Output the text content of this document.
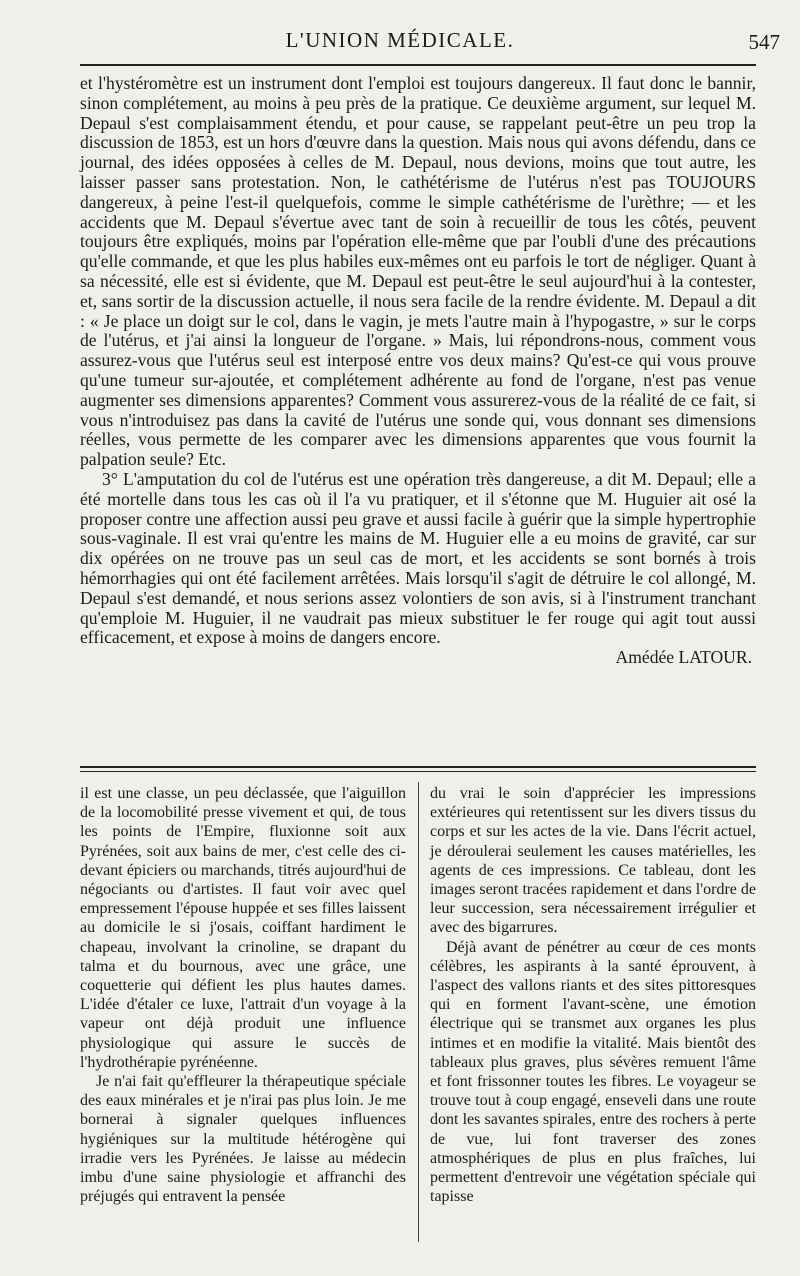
L'UNION MÉDICALE.	547

et l'hystéromètre est un instrument dont l'emploi est toujours dangereux. Il faut donc le bannir, sinon complétement, au moins à peu près de la pratique. Ce deuxième argument, sur lequel M. Depaul s'est complaisamment étendu, et pour cause, se rappelant peut-être un peu trop la discussion de 1853, est un hors d'œuvre dans la question. Mais nous qui avons défendu, dans ce journal, des idées opposées à celles de M. Depaul, nous devions, moins que tout autre, les laisser passer sans protestation. Non, le cathétérisme de l'utérus n'est pas TOUJOURS dangereux, à peine l'est-il quelquefois, comme le simple cathétérisme de l'urèthre; — et les accidents que M. Depaul s'évertue avec tant de soin à recueillir de tous les côtés, peuvent toujours être expliqués, moins par l'opération elle-même que par l'oubli d'une des précautions qu'elle commande, et que les plus habiles eux-mêmes ont eu parfois le tort de négliger. Quant à sa nécessité, elle est si évidente, que M. Depaul est peut-être le seul aujourd'hui à la contester, et, sans sortir de la discussion actuelle, il nous sera facile de la rendre évidente. M. Depaul a dit : « Je place un doigt sur le col, dans le vagin, je mets l'autre main à l'hypogastre, » sur le corps de l'utérus, et j'ai ainsi la longueur de l'organe. » Mais, lui répondrons-nous, comment vous assurez-vous que l'utérus seul est interposé entre vos deux mains? Qu'est-ce qui vous prouve qu'une tumeur sur-ajoutée, et complétement adhérente au fond de l'organe, n'est pas venue augmenter ses dimensions apparentes? Comment vous assurerez-vous de la réalité de ce fait, si vous n'introduisez pas dans la cavité de l'utérus une sonde qui, vous donnant ses dimensions réelles, vous permette de les comparer avec les dimensions apparentes que vous fournit la palpation seule? Etc.

3° L'amputation du col de l'utérus est une opération très dangereuse, a dit M. Depaul; elle a été mortelle dans tous les cas où il l'a vu pratiquer, et il s'étonne que M. Huguier ait osé la proposer contre une affection aussi peu grave et aussi facile à guérir que la simple hypertrophie sous-vaginale. Il est vrai qu'entre les mains de M. Huguier elle a eu moins de gravité, car sur dix opérées on ne trouve pas un seul cas de mort, et les accidents se sont bornés à trois hémorrhagies qui ont été facilement arrêtées. Mais lorsqu'il s'agit de détruire le col allongé, M. Depaul s'est demandé, et nous serions assez volontiers de son avis, si à l'instrument tranchant qu'emploie M. Huguier, il ne vaudrait pas mieux substituer le fer rouge qui agit tout aussi efficacement, et expose à moins de dangers encore.

Amédée LATOUR.

il est une classe, un peu déclassée, que l'aiguillon de la locomobilité presse vivement et qui, de tous les points de l'Empire, fluxionne soit aux Pyrénées, soit aux bains de mer, c'est celle des ci-devant épiciers ou marchands, titrés aujourd'hui de négociants ou d'artistes. Il faut voir avec quel empressement l'épouse huppée et ses filles laissent au domicile le si j'osais, coiffant hardiment le chapeau, involvant la crinoline, se drapant du talma et du bournous, avec une grâce, une coquetterie qui défient les plus hautes dames. L'idée d'étaler ce luxe, l'attrait d'un voyage à la vapeur ont déjà produit une influence physiologique qui assure le succès de l'hydrothérapie pyrénéenne.

Je n'ai fait qu'effleurer la thérapeutique spéciale des eaux minérales et je n'irai pas plus loin. Je me bornerai à signaler quelques influences hygiéniques sur la multitude hétérogène qui irradie vers les Pyrénées. Je laisse au médecin imbu d'une saine physiologie et affranchi des préjugés qui entravent la pensée

du vrai le soin d'apprécier les impressions extérieures qui retentissent sur les divers tissus du corps et sur les actes de la vie. Dans l'écrit actuel, je déroulerai seulement les causes matérielles, les agents de ces impressions. Ce tableau, dont les images seront tracées rapidement et dans l'ordre de leur succession, sera nécessairement irrégulier et avec des bigarrures.

Déjà avant de pénétrer au cœur de ces monts célèbres, les aspirants à la santé éprouvent, à l'aspect des vallons riants et des sites pittoresques qui en forment l'avant-scène, une émotion électrique qui se transmet aux organes les plus intimes et en modifie la vitalité. Mais bientôt des tableaux plus graves, plus sévères remuent l'âme et font frissonner toutes les fibres. Le voyageur se trouve tout à coup engagé, enseveli dans une route dont les savantes spirales, entre des rochers à perte de vue, lui font traverser des zones atmosphériques de plus en plus fraîches, lui permettent d'entrevoir une végétation spéciale qui tapisse
